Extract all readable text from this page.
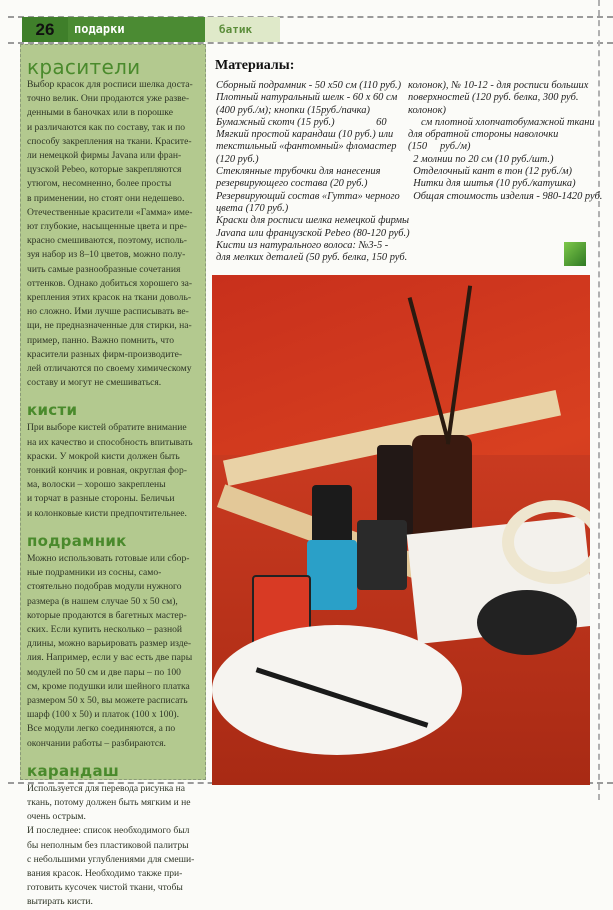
26	подарки	батик
красители

Выбор красок для росписи шелка доста-
точно велик. Они продаются уже разве-
денными в баночках или в порошке
и различаются как по составу, так и по
способу закрепления на ткани. Красите-
ли немецкой фирмы Javana или фран-
цузской Pebeo, которые закрепляются
утюгом, несомненно, более просты
в применении, но стоят они недешево.
Отечественные красители «Гамма» име-
ют глубокие, насыщенные цвета и пре-
красно смешиваются, поэтому, исполь-
зуя набор из 8–10 цветов, можно полу-
чить самые разнообразные сочетания
оттенков. Однако добиться хорошего за-
крепления этих красок на ткани доволь-
но сложно. Ими лучше расписывать ве-
щи, не предназначенные для стирки, на-
пример, панно. Важно помнить, что
красители разных фирм-производите-
лей отличаются по своему химическому
составу и могут не смешиваться.

кисти

При выборе кистей обратите внимание
на их качество и способность впитывать
краски. У мокрой кисти должен быть
тонкий кончик и ровная, округлая фор-
ма, волоски – хорошо закреплены
и торчат в разные стороны. Беличьи
и колонковые кисти предпочтительнее.

подрамник

Можно использовать готовые или сбор-
ные подрамники из сосны, само-
стоятельно подобрав модули нужного
размера (в нашем случае 50 х 50 см),
которые продаются в багетных мастер-
ских. Если купить несколько – разной
длины, можно варьировать размер изде-
лия. Например, если у вас есть две пары
модулей по 50 см и две пары – по 100
см, кроме подушки или шейного платка
размером 50 х 50, вы можете расписать
шарф (100 х 50) и платок (100 х 100).
Все модули легко соединяются, а по
окончании работы – разбираются.

карандаш

Используется для перевода рисунка на
ткань, потому должен быть мягким и не
очень острым.
И последнее: список необходимого был
бы неполным без пластиковой палитры
с небольшими углублениями для смеши-
вания красок. Необходимо также при-
готовить кусочек чистой ткани, чтобы
вытирать кисти.

Материалы:
Сборный подрамник - 50 х50 см (110 руб.)
Плотный натуральный шелк - 60 х 60 см
(400 руб./м); кнопки (15руб./пачка)
Бумажный скотч (15 руб.)                60
Мягкий простой карандаш (10 руб.) или
текстильный «фантомный» фломастер
(120 руб.)
Стеклянные трубочки для нанесения
резервирующего состава (20 руб.)
Резервирующий состав «Гутта» черного
цвета (170 руб.)
Краски для росписи шелка немецкой фирмы
Javana или французской Pebeo (80-120 руб.)
Кисти из натурального волоса: №3-5 -
для мелких деталей (50 руб. белка, 150 руб.
колонок), № 10-12 - для росписи больших
поверхностей (120 руб. белка, 300 руб.
колонок)
см плотной хлопчатобумажной ткани
для обратной стороны наволочки
(150     руб./м)
2 молнии по 20 см (10 руб./шт.)
Отделочный кант в тон (12 руб./м)
Нитки для шитья (10 руб./катушка)
Общая стоимость изделия - 980-1420 руб.
